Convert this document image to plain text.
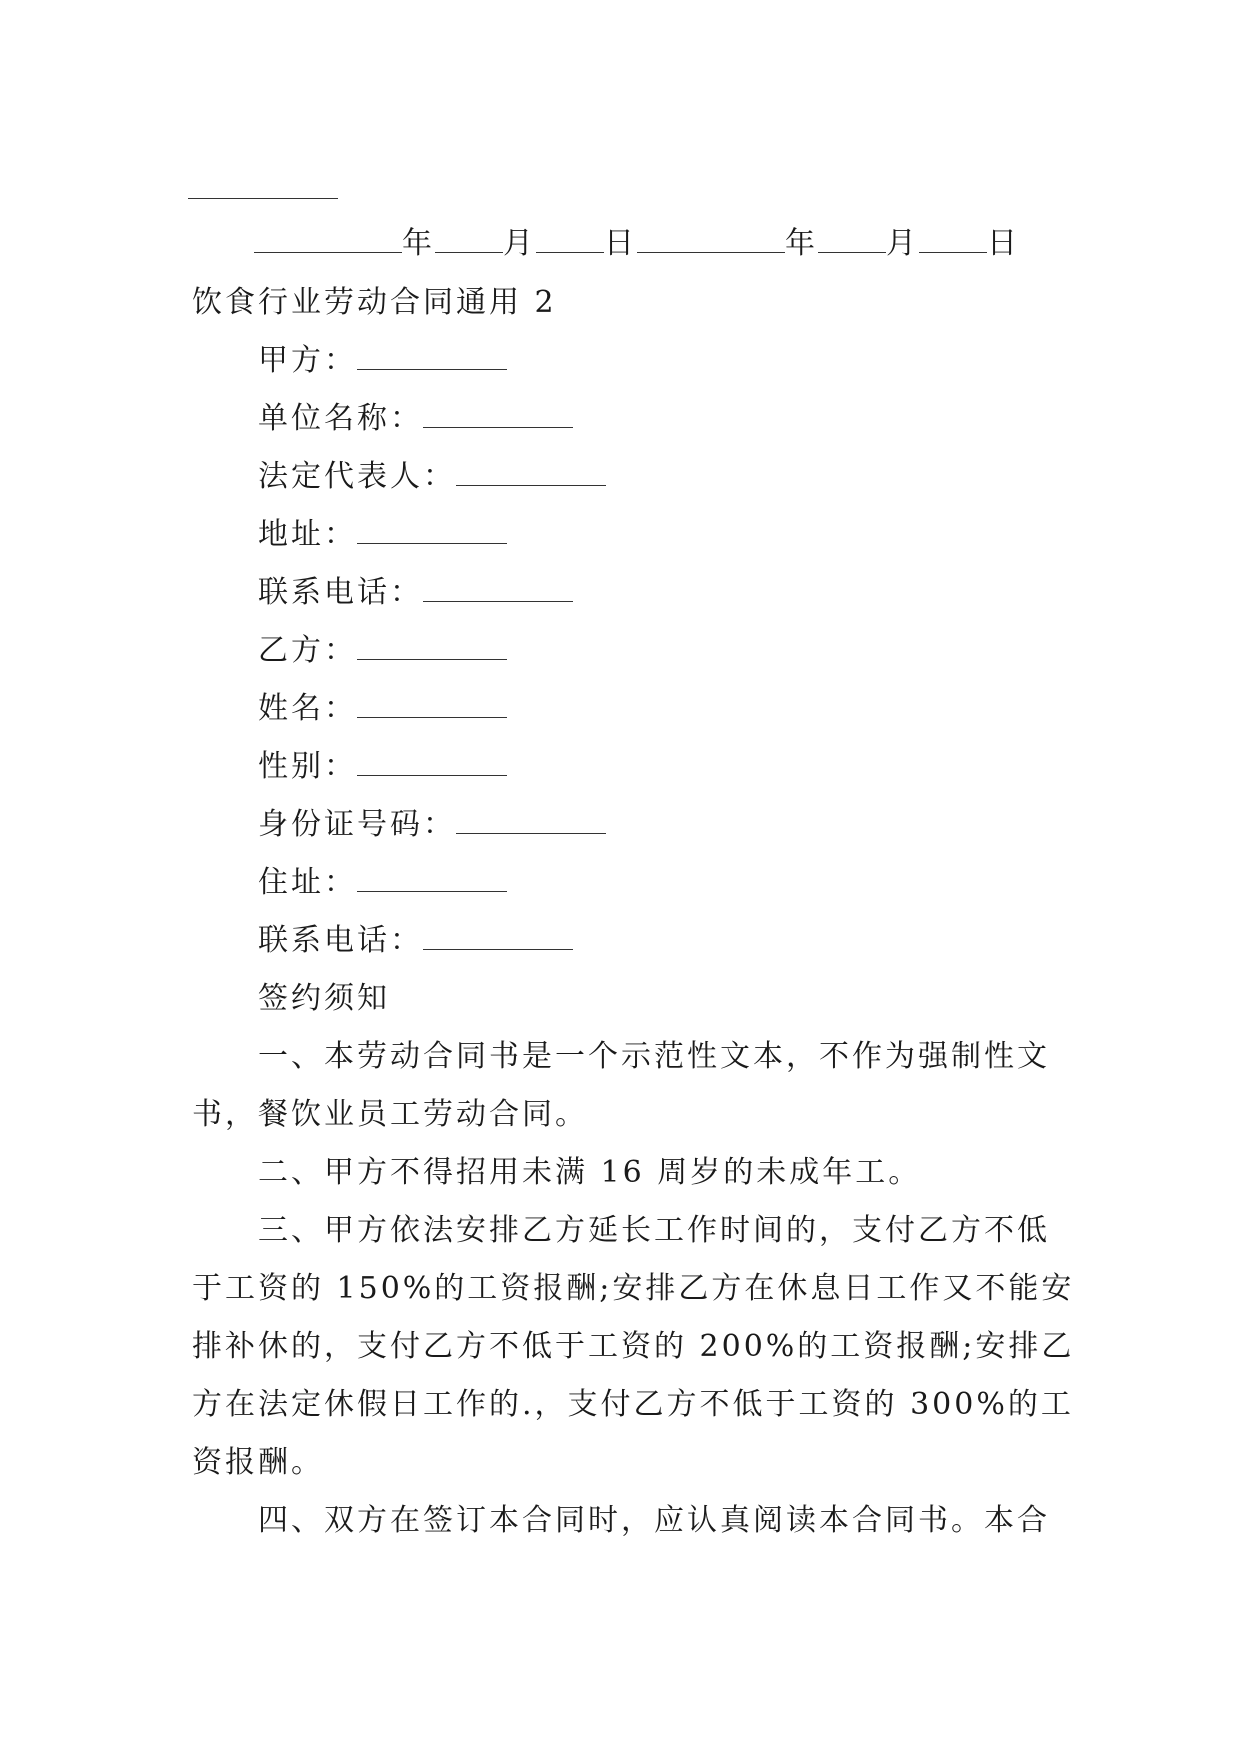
年 月 日	年 月 日
饮食行业劳动合同通用 2
甲方：
单位名称：
法定代表人：
地址：
联系电话：
乙方：
姓名：
性别：
身份证号码：
住址：
联系电话：
签约须知
一、本劳动合同书是一个示范性文本，不作为强制性文
书，餐饮业员工劳动合同。
二、甲方不得招用未满 16 周岁的未成年工。
三、甲方依法安排乙方延长工作时间的，支付乙方不低
于工资的 150%的工资报酬;安排乙方在休息日工作又不能安
排补休的，支付乙方不低于工资的 200%的工资报酬;安排乙
方在法定休假日工作的.，支付乙方不低于工资的 300%的工
资报酬。
四、双方在签订本合同时，应认真阅读本合同书。本合
